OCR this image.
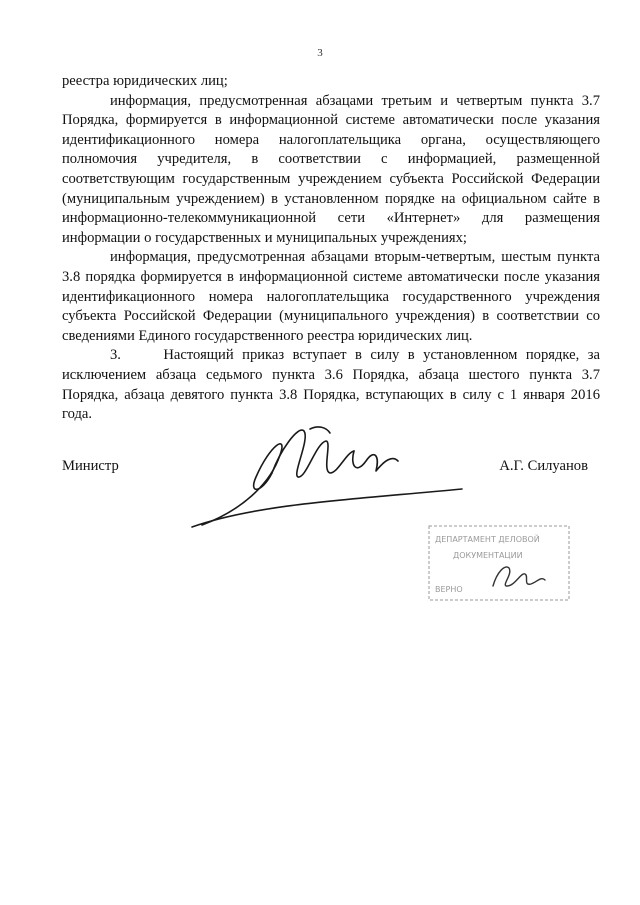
3

реестра юридических лиц;

информация, предусмотренная абзацами третьим и четвертым пункта 3.7 Порядка, формируется в информационной системе автоматически после указания идентификационного номера налогоплательщика органа, осуществляющего полномочия учредителя, в соответствии с информацией, размещенной соответствующим государственным учреждением субъекта Российской Федерации (муниципальным учреждением) в установленном порядке на официальном сайте в информационно-телекоммуникационной сети «Интернет» для размещения информации о государственных и муниципальных учреждениях;

информация, предусмотренная абзацами вторым-четвертым, шестым пункта 3.8 порядка формируется в информационной системе автоматически после указания идентификационного номера налогоплательщика государственного учреждения субъекта Российской Федерации (муниципального учреждения) в соответствии со сведениями Единого государственного реестра юридических лиц.

3.     Настоящий приказ вступает в силу в установленном порядке, за исключением абзаца седьмого пункта 3.6 Порядка, абзаца шестого пункта 3.7 Порядка, абзаца девятого пункта 3.8 Порядка, вступающих в силу с 1 января 2016 года.

Министр	А.Г. Силуанов
ДЕПАРТАМЕНТ ДЕЛОВОЙ
ДОКУМЕНТАЦИИ
ВЕРНО
